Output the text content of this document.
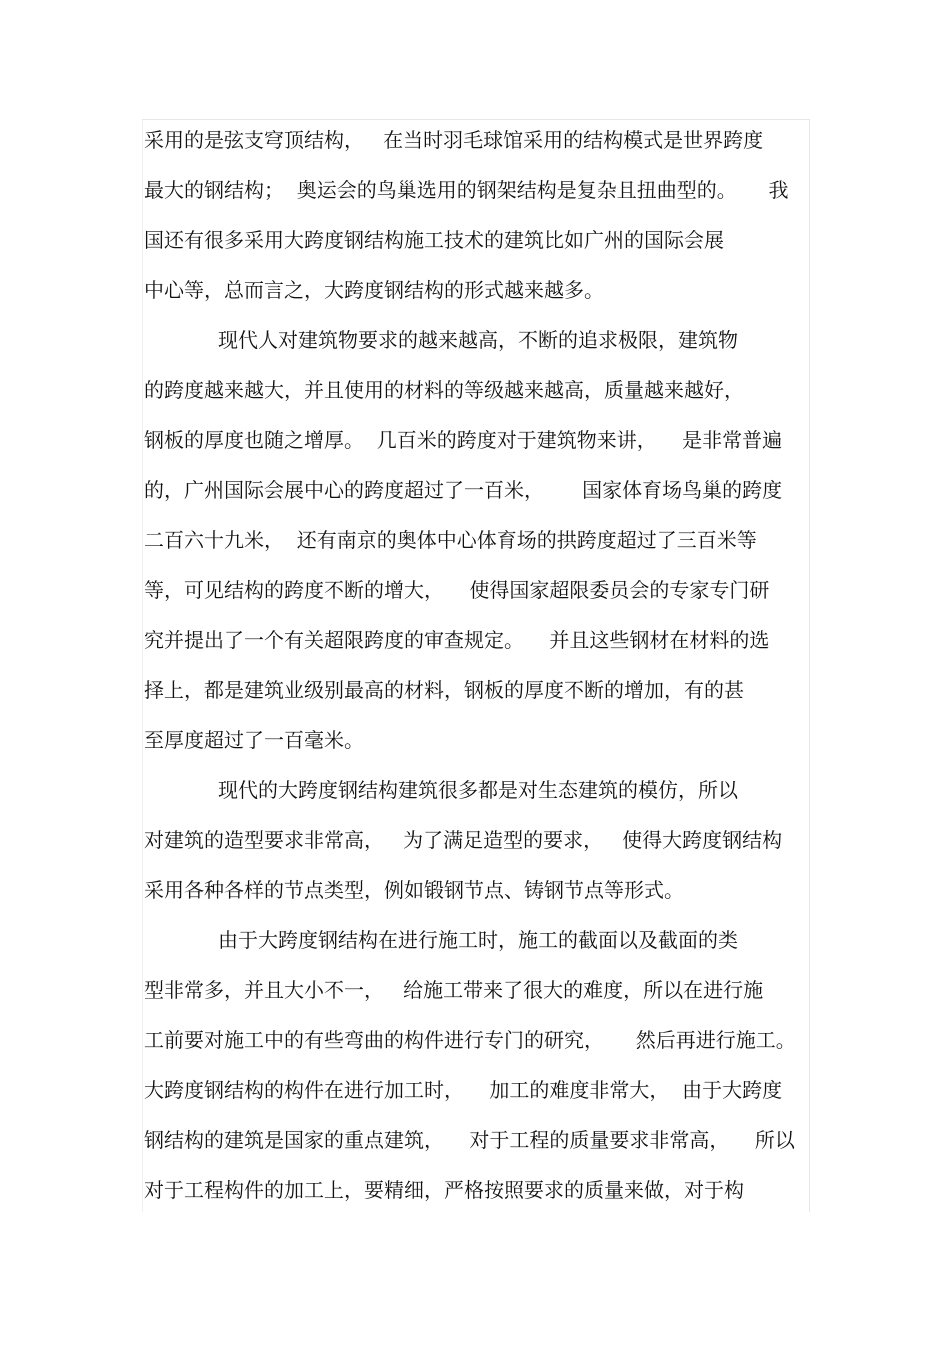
采用的是弦支穹顶结构，   在当时羽毛球馆采用的结构模式是世界跨度
最大的钢结构；  奥运会的鸟巢选用的钢架结构是复杂且扭曲型的。     我
国还有很多采用大跨度钢结构施工技术的建筑比如广州的国际会展
中心等，总而言之，大跨度钢结构的形式越来越多。
现代人对建筑物要求的越来越高，不断的追求极限，建筑物
的跨度越来越大，并且使用的材料的等级越来越高，质量越来越好，
钢板的厚度也随之增厚。  几百米的跨度对于建筑物来讲，    是非常普遍
的，广州国际会展中心的跨度超过了一百米，      国家体育场鸟巢的跨度
二百六十九米，  还有南京的奥体中心体育场的拱跨度超过了三百米等
等，可见结构的跨度不断的增大，    使得国家超限委员会的专家专门研
究并提出了一个有关超限跨度的审查规定。    并且这些钢材在材料的选
择上，都是建筑业级别最高的材料，钢板的厚度不断的增加，有的甚
至厚度超过了一百毫米。
现代的大跨度钢结构建筑很多都是对生态建筑的模仿，所以
对建筑的造型要求非常高，   为了满足造型的要求，   使得大跨度钢结构
采用各种各样的节点类型，例如锻钢节点、铸钢节点等形式。
由于大跨度钢结构在进行施工时，施工的截面以及截面的类
型非常多，并且大小不一，   给施工带来了很大的难度，所以在进行施
工前要对施工中的有些弯曲的构件进行专门的研究，     然后再进行施工。
大跨度钢结构的构件在进行加工时，    加工的难度非常大，  由于大跨度
钢结构的建筑是国家的重点建筑，    对于工程的质量要求非常高，    所以
对于工程构件的加工上，要精细，严格按照要求的质量来做，对于构
